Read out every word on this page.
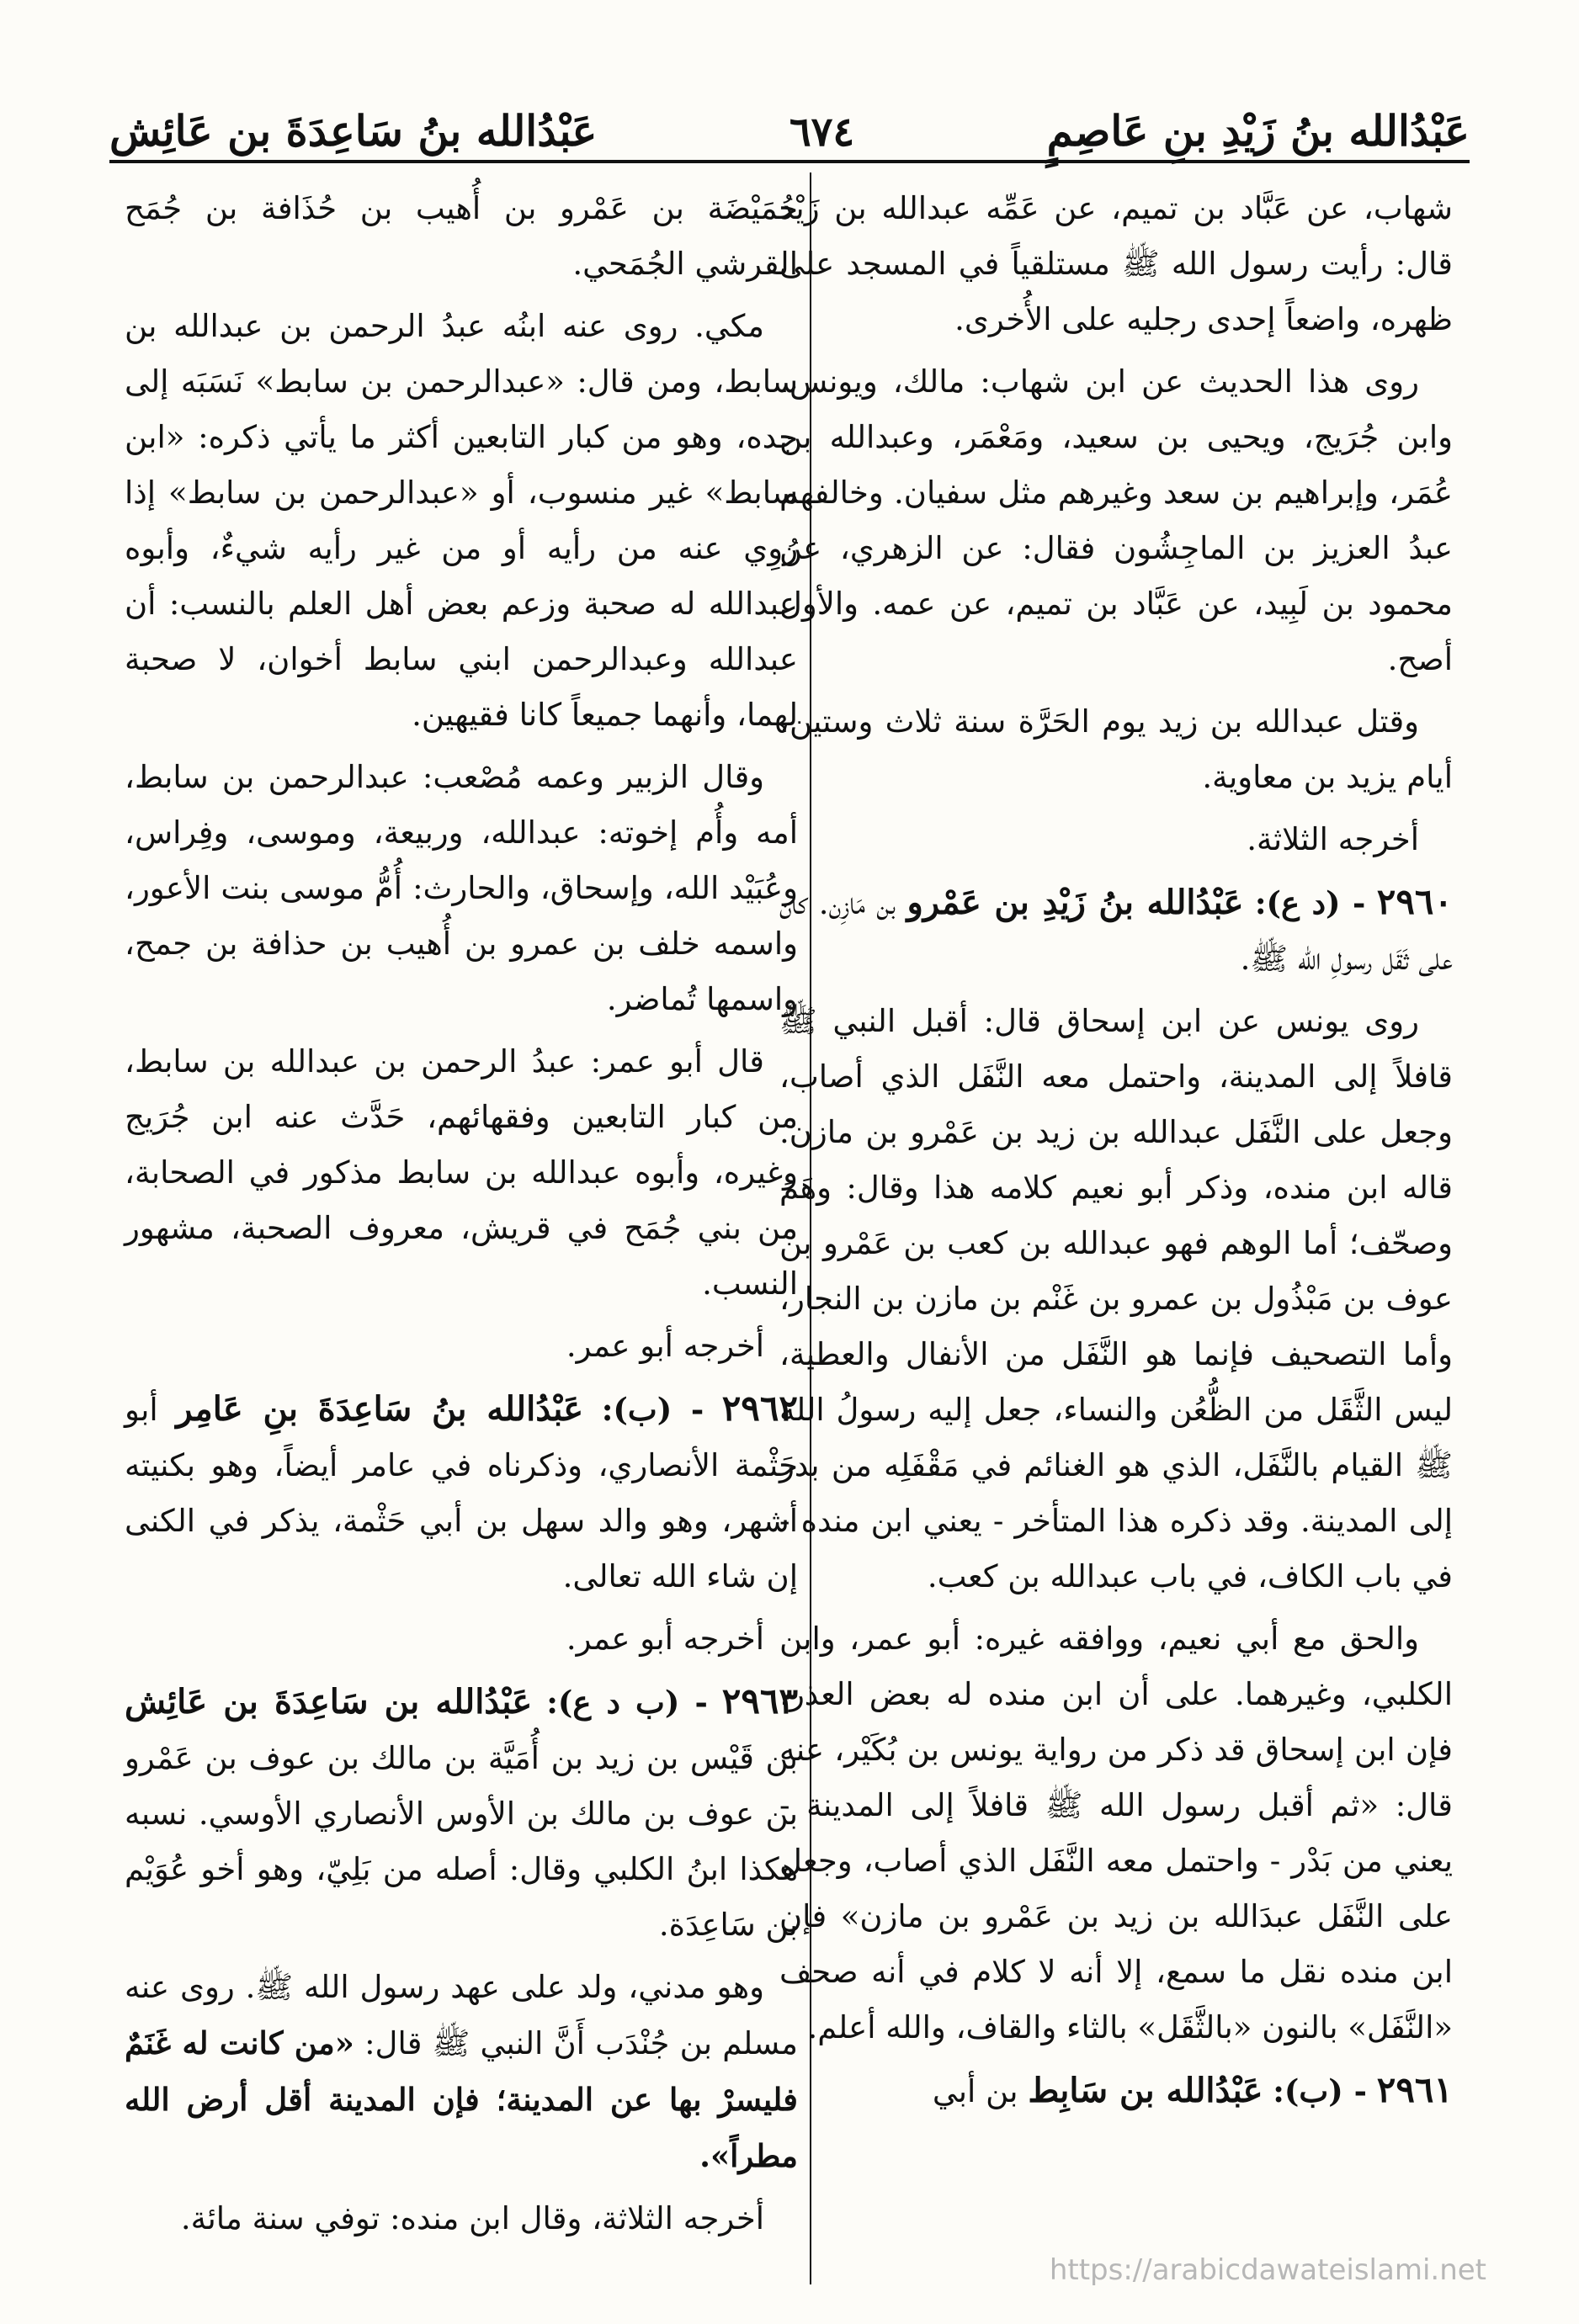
عَبْدُالله بنُ زَيْدِ بنِ عَاصِمٍ
٦٧٤
عَبْدُالله بنُ سَاعِدَةَ بن عَائِش

شهاب، عن عَبَّاد بن تميم، عن عَمِّه عبدالله بن زَيْد قال: رأيت رسول الله ﷺ مستلقياً في المسجد على ظهره، واضعاً إحدى رجليه على الأُخرى.

روى هذا الحديث عن ابن شهاب: مالك، ويونس، وابن جُرَيج، ويحيى بن سعيد، ومَعْمَر، وعبدالله بن عُمَر، وإبراهيم بن سعد وغيرهم مثل سفيان. وخالفهم عبدُ العزيز بن الماجِشُون فقال: عن الزهري، عن محمود بن لَبِيد، عن عَبَّاد بن تميم، عن عمه. والأول أصح.

وقتل عبدالله بن زيد يوم الحَرَّة سنة ثلاث وستين، أيام يزيد بن معاوية.

أخرجه الثلاثة.

٢٩٦٠ - (د ع): عَبْدُالله بنُ زَيْدِ بن عَمْرو بن مَازِن. كان على ثَقَل رسولِ الله ﷺ.

روى يونس عن ابن إسحاق قال: أقبل النبي ﷺ قافلاً إلى المدينة، واحتمل معه النَّفَل الذي أصاب، وجعل على النَّفَل عبدالله بن زيد بن عَمْرو بن مازن. قاله ابن منده، وذكر أبو نعيم كلامه هذا وقال: وهَمَ وصحّف؛ أما الوهم فهو عبدالله بن كعب بن عَمْرو بن عوف بن مَبْذُول بن عمرو بن غَنْم بن مازن بن النجار، وأما التصحيف فإنما هو النَّفَل من الأنفال والعطية، ليس الثَّقَل من الظُّعُن والنساء، جعل إليه رسولُ الله ﷺ القيام بالنَّفَل، الذي هو الغنائم في مَقْفَلِه من بدر إلى المدينة. وقد ذكره هذا المتأخر - يعني ابن منده - في باب الكاف، في باب عبدالله بن كعب.

والحق مع أبي نعيم، ووافقه غيره: أبو عمر، وابن الكلبي، وغيرهما. على أن ابن منده له بعض العذر، فإن ابن إسحاق قد ذكر من رواية يونس بن بُكَيْر، عنه قال: «ثم أقبل رسول الله ﷺ قافلاً إلى المدينة - يعني من بَدْر - واحتمل معه النَّفَل الذي أصاب، وجعل على النَّفَل عبدَالله بن زيد بن عَمْرو بن مازن» فإن ابن منده نقل ما سمع، إلا أنه لا كلام في أنه صحف «النَّفَل» بالنون «بالثَّقَل» بالثاء والقاف، والله أعلم.

٢٩٦١ - (ب): عَبْدُالله بن سَابِط بن أبي

حُمَيْضَة بن عَمْرو بن أُهيب بن حُذَافة بن جُمَح القرشي الجُمَحي.

مكي. روى عنه ابنُه عبدُ الرحمن بن عبدالله بن سابط، ومن قال: «عبدالرحمن بن سابط» نَسَبَه إلى جده، وهو من كبار التابعين أكثر ما يأتي ذكره: «ابن سابط» غير منسوب، أو «عبدالرحمن بن سابط» إذا رُوِي عنه من رأيه أو من غير رأيه شيءٌ، وأبوه عبدالله له صحبة وزعم بعض أهل العلم بالنسب: أن عبدالله وعبدالرحمن ابني سابط أخوان، لا صحبة لهما، وأنهما جميعاً كانا فقيهين.

وقال الزبير وعمه مُصْعب: عبدالرحمن بن سابط، أمه وأُم إخوته: عبدالله، وربيعة، وموسى، وفِراس، وعُبَيْد الله، وإسحاق، والحارث: أُمُّ موسى بنت الأعور، واسمه خلف بن عمرو بن أُهيب بن حذافة بن جمح، واسمها تُماضر.

قال أبو عمر: عبدُ الرحمن بن عبدالله بن سابط، من كبار التابعين وفقهائهم، حَدَّث عنه ابن جُرَيج وغيره، وأبوه عبدالله بن سابط مذكور في الصحابة، من بني جُمَح في قريش، معروف الصحبة، مشهور النسب.

أخرجه أبو عمر.

٢٩٦٢ - (ب): عَبْدُالله بنُ سَاعِدَةَ بنِ عَامِر أبو حَثْمة الأنصاري، وذكرناه في عامر أيضاً، وهو بكنيته أشهر، وهو والد سهل بن أبي حَثْمة، يذكر في الكنى إن شاء الله تعالى.

أخرجه أبو عمر.

٢٩٦٣ - (ب د ع): عَبْدُالله بن سَاعِدَةَ بن عَائِش بن قَيْس بن زيد بن أُمَيَّة بن مالك بن عوف بن عَمْرو بن عوف بن مالك بن الأوس الأنصاري الأوسي. نسبه هكذا ابنُ الكلبي وقال: أصله من بَلِيّ، وهو أخو عُوَيْم بن سَاعِدَة.

وهو مدني، ولد على عهد رسول الله ﷺ. روى عنه مسلم بن جُنْدَب أَنَّ النبي ﷺ قال: «من كانت له غَنَمٌ فليسرْ بها عن المدينة؛ فإن المدينة أقل أرض الله مطراً».

أخرجه الثلاثة، وقال ابن منده: توفي سنة مائة.

https://arabicdawateislami.net
